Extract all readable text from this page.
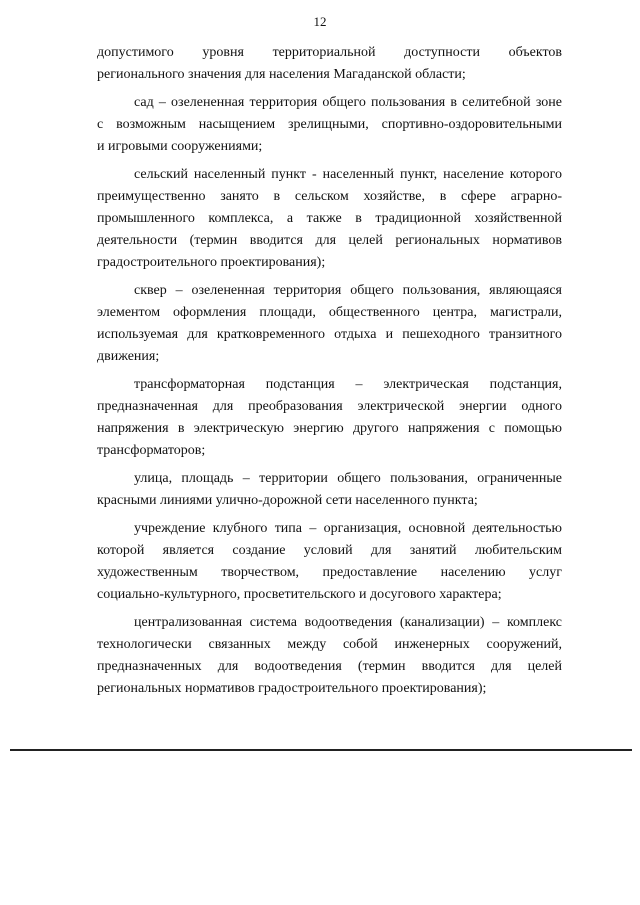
12
допустимого уровня территориальной доступности объектов
регионального значения для населения Магаданской области;
сад – озелененная территория общего пользования в селитебной зоне
с возможным насыщением зрелищными, спортивно-оздоровительными
и игровыми сооружениями;
сельский населенный пункт - населенный пункт, население которого
преимущественно занято в сельском хозяйстве, в сфере аграрно-
промышленного комплекса, а также в традиционной хозяйственной
деятельности (термин вводится для целей региональных нормативов
градостроительного проектирования);
сквер – озелененная территория общего пользования, являющаяся
элементом оформления площади, общественного центра, магистрали,
используемая для кратковременного отдыха и пешеходного транзитного
движения;
трансформаторная подстанция – электрическая подстанция,
предназначенная для преобразования электрической энергии одного
напряжения в электрическую энергию другого напряжения с помощью
трансформаторов;
улица, площадь – территории общего пользования, ограниченные
красными линиями улично-дорожной сети населенного пункта;
учреждение клубного типа – организация, основной деятельностью
которой является создание условий для занятий любительским
художественным творчеством, предоставление населению услуг
социально-культурного, просветительского и досугового характера;
централизованная система водоотведения (канализации) – комплекс
технологически связанных между собой инженерных сооружений,
предназначенных для водоотведения (термин вводится для целей
региональных нормативов градостроительного проектирования);
